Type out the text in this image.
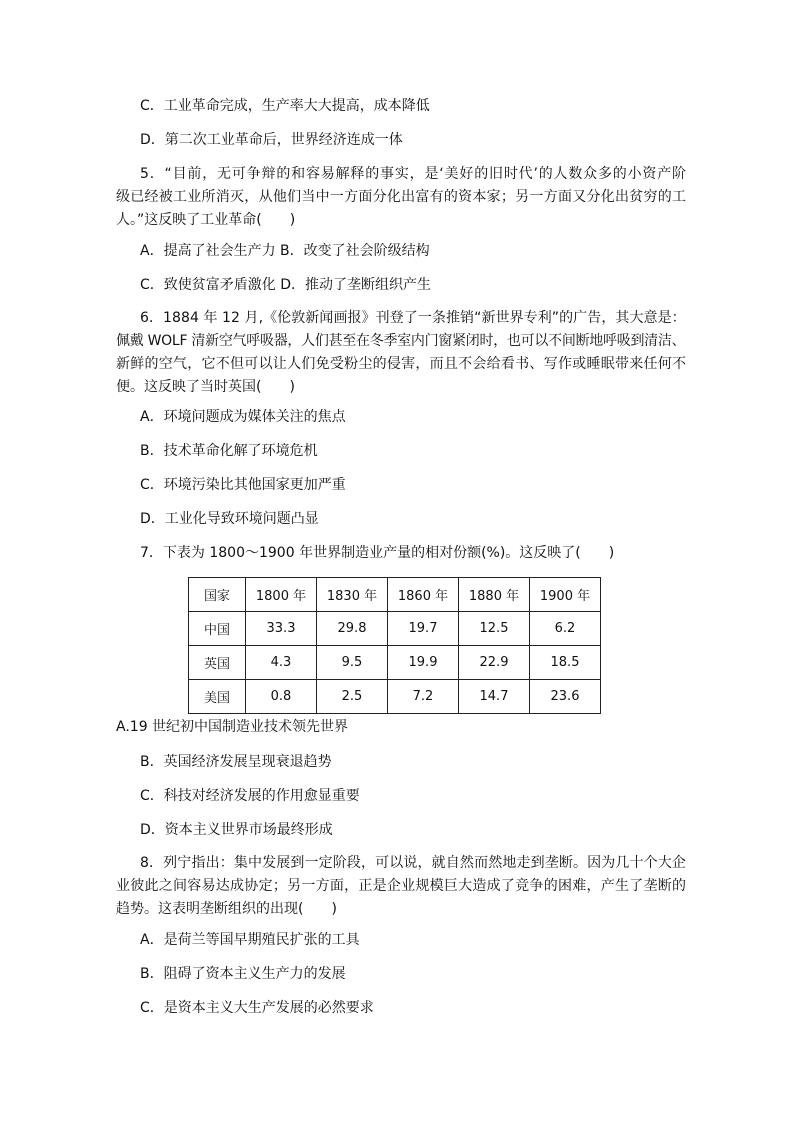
C．工业革命完成，生产率大大提高，成本降低
D．第二次工业革命后，世界经济连成一体
5．“目前，无可争辩的和容易解释的事实，是‘美好的旧时代’的人数众多的小资产阶
级已经被工业所消灭，从他们当中一方面分化出富有的资本家；另一方面又分化出贫穷的工
人。”这反映了工业革命(　　)
A．提高了社会生产力 B．改变了社会阶级结构
C．致使贫富矛盾激化 D．推动了垄断组织产生
6．1884 年 12 月,《伦敦新闻画报》刊登了一条推销“新世界专利”的广告，其大意是：
佩戴 WOLF 清新空气呼吸器，人们甚至在冬季室内门窗紧闭时，也可以不间断地呼吸到清洁、
新鲜的空气，它不但可以让人们免受粉尘的侵害，而且不会给看书、写作或睡眠带来任何不
便。这反映了当时英国(　　)
A．环境问题成为媒体关注的焦点
B．技术革命化解了环境危机
C．环境污染比其他国家更加严重
D．工业化导致环境问题凸显
7．下表为 1800～1900 年世界制造业产量的相对份额(%)。这反映了(　　)
国家	1800 年	1830 年	1860 年	1880 年	1900 年
中国	33.3	29.8	19.7	12.5	6.2
英国	4.3	9.5	19.9	22.9	18.5
美国	0.8	2.5	7.2	14.7	23.6
A.19 世纪初中国制造业技术领先世界
B．英国经济发展呈现衰退趋势
C．科技对经济发展的作用愈显重要
D．资本主义世界市场最终形成
8．列宁指出：集中发展到一定阶段，可以说，就自然而然地走到垄断。因为几十个大企
业彼此之间容易达成协定；另一方面，正是企业规模巨大造成了竞争的困难，产生了垄断的
趋势。这表明垄断组织的出现(　　)
A．是荷兰等国早期殖民扩张的工具
B．阻碍了资本主义生产力的发展
C．是资本主义大生产发展的必然要求
